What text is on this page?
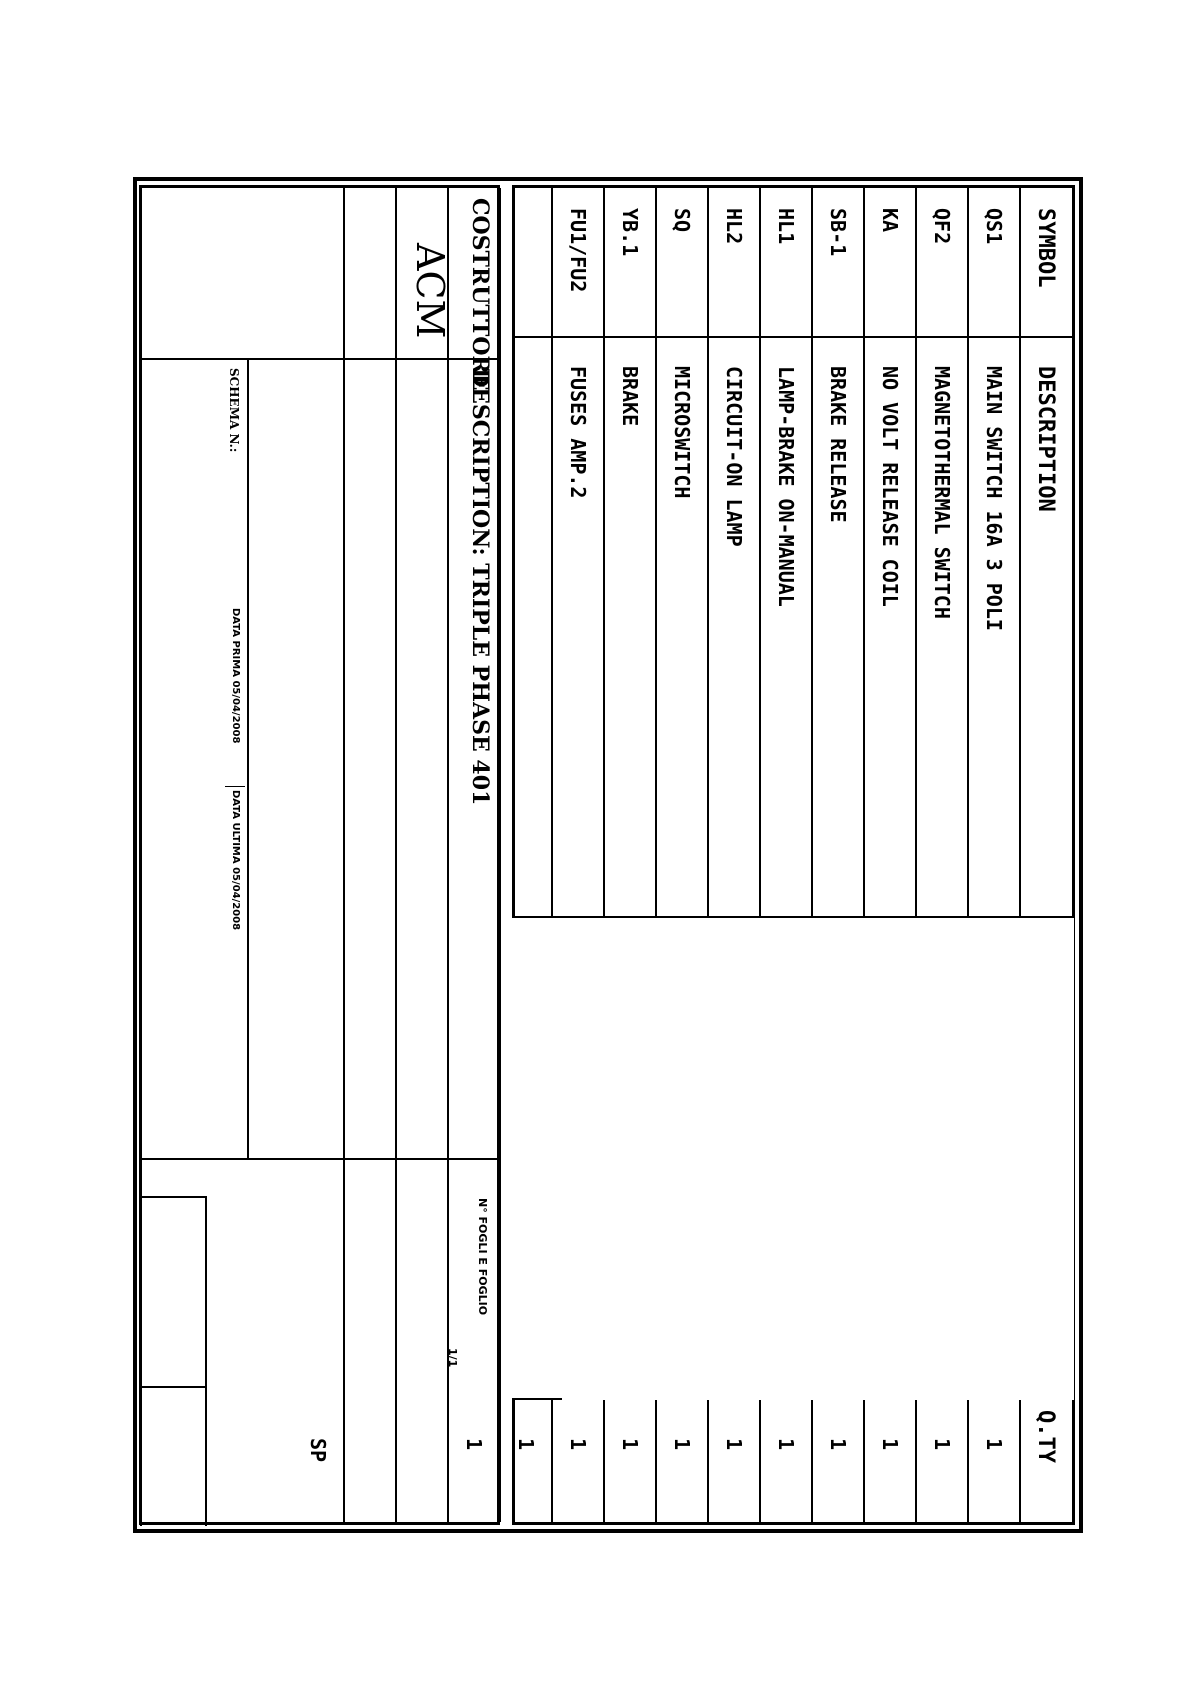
SYMBOL
DESCRIPTION
Q.TY
QS1
MAIN SWITCH 16A 3 POLI
1
QF2
MAGNETOTHERMAL SWITCH
1
KA
NO VOLT RELEASE COIL
1
SB-1
BRAKE RELEASE
1
HL1
LAMP-BRAKE ON-MANUAL
1
HL2
CIRCUIT-ON LAMP
1
SQ
MICROSWITCH
1
YB.1
BRAKE
1
FU1/FU2
FUSES AMP.2
1
1
1
SP
COSTRUTTORE
ACM
DESCRIPTION: TRIPLE PHASE 401
SCHEMA N.:
DATA PRIMA 05/04/2008
DATA ULTIMA 05/04/2008
N° FOGLI E FOGLIO
1/1
